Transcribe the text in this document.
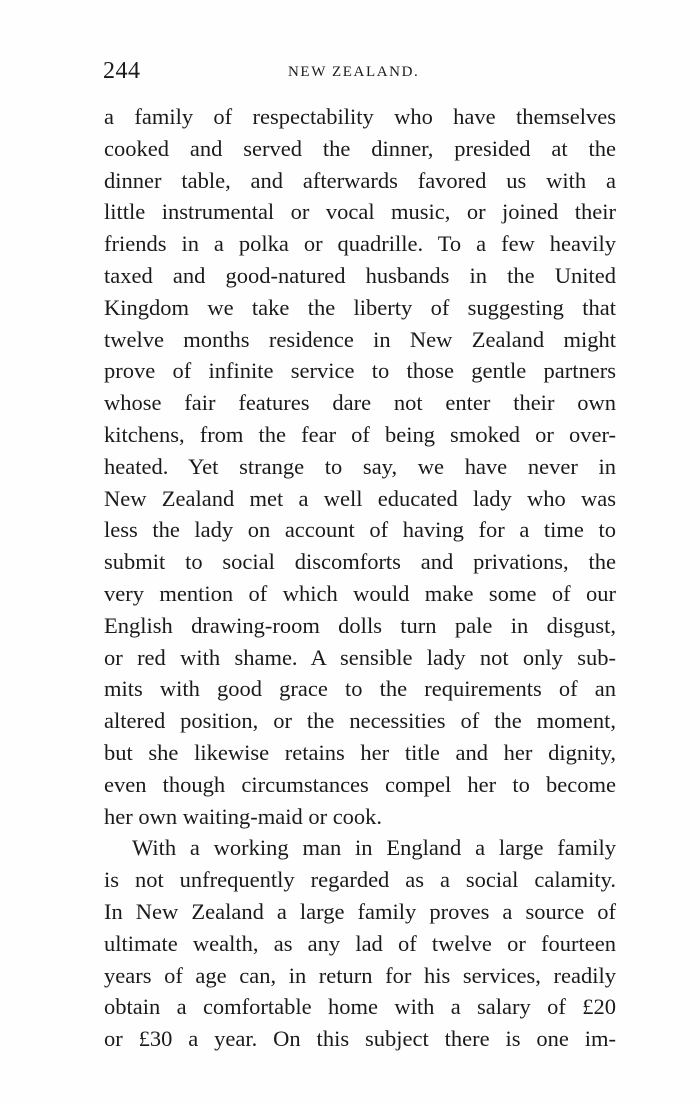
244	NEW ZEALAND.
a family of respectability who have themselves
cooked and served the dinner, presided at the
dinner table, and afterwards favored us with a
little instrumental or vocal music, or joined their
friends in a polka or quadrille. To a few heavily
taxed and good-natured husbands in the United
Kingdom we take the liberty of suggesting that
twelve months residence in New Zealand might
prove of infinite service to those gentle partners
whose fair features dare not enter their own
kitchens, from the fear of being smoked or over-
heated. Yet strange to say, we have never in
New Zealand met a well educated lady who was
less the lady on account of having for a time to
submit to social discomforts and privations, the
very mention of which would make some of our
English drawing-room dolls turn pale in disgust,
or red with shame. A sensible lady not only sub-
mits with good grace to the requirements of an
altered position, or the necessities of the moment,
but she likewise retains her title and her dignity,
even though circumstances compel her to become
her own waiting-maid or cook.
With a working man in England a large family
is not unfrequently regarded as a social calamity.
In New Zealand a large family proves a source of
ultimate wealth, as any lad of twelve or fourteen
years of age can, in return for his services, readily
obtain a comfortable home with a salary of £20
or £30 a year. On this subject there is one im-
